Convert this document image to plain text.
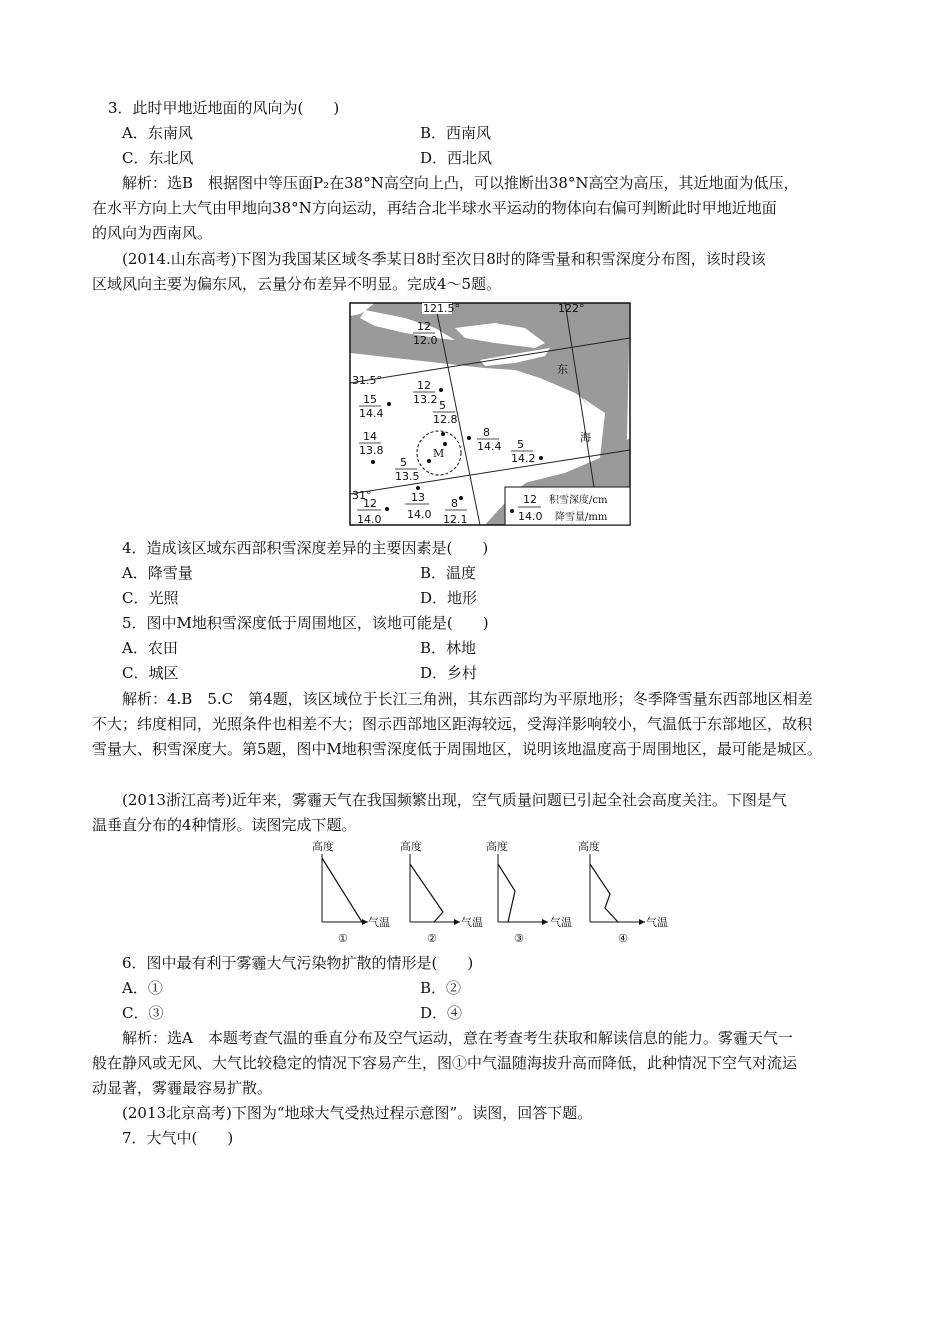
3．此时甲地近地面的风向为(　　)
A．东南风	B．西南风
C．东北风	D．西北风
解析：选B　根据图中等压面P₂在38°N高空向上凸，可以推断出38°N高空为高压，其近地面为低压，
在水平方向上大气由甲地向38°N方向运动，再结合北半球水平运动的物体向右偏可判断此时甲地近地面
的风向为西南风。
(2014.山东高考)下图为我国某区域冬季某日8时至次日8时的降雪量和积雪深度分布图，该时段该
区域风向主要为偏东风，云量分布差异不明显。完成4～5题。
121.5°	122°
31.5°
31°
东
海
M
12
12.0
12
13.2
15
14.4
5
12.8
8
14.4
14
13.8	5
14.2
5
13.5
13
14.0
8
12.1
12
14.0
12
14.0
积雪深度/cm
降雪量/mm
4．造成该区域东西部积雪深度差异的主要因素是(　　)
A．降雪量	B．温度
C．光照	D．地形
5．图中M地积雪深度低于周围地区，该地可能是(　　)
A．农田	B．林地
C．城区	D．乡村
解析：4.B　5.C　第4题，该区域位于长江三角洲，其东西部均为平原地形；冬季降雪量东西部地区相差
不大；纬度相同，光照条件也相差不大；图示西部地区距海较远，受海洋影响较小，气温低于东部地区，故积
雪量大、积雪深度大。第5题，图中M地积雪深度低于周围地区，说明该地温度高于周围地区，最可能是城区。
(2013浙江高考)近年来，雾霾天气在我国频繁出现，空气质量问题已引起全社会高度关注。下图是气
温垂直分布的4种情形。读图完成下题。
高度
气温
①
高度
气温
②
高度
气温
③
高度
气温
④
6．图中最有利于雾霾大气污染物扩散的情形是(　　)
A．①	B．②
C．③	D．④
解析：选A　本题考查气温的垂直分布及空气运动，意在考查考生获取和解读信息的能力。雾霾天气一
般在静风或无风、大气比较稳定的情况下容易产生，图①中气温随海拔升高而降低，此种情况下空气对流运
动显著，雾霾最容易扩散。
(2013北京高考)下图为“地球大气受热过程示意图”。读图，回答下题。
7．大气中(　　)
